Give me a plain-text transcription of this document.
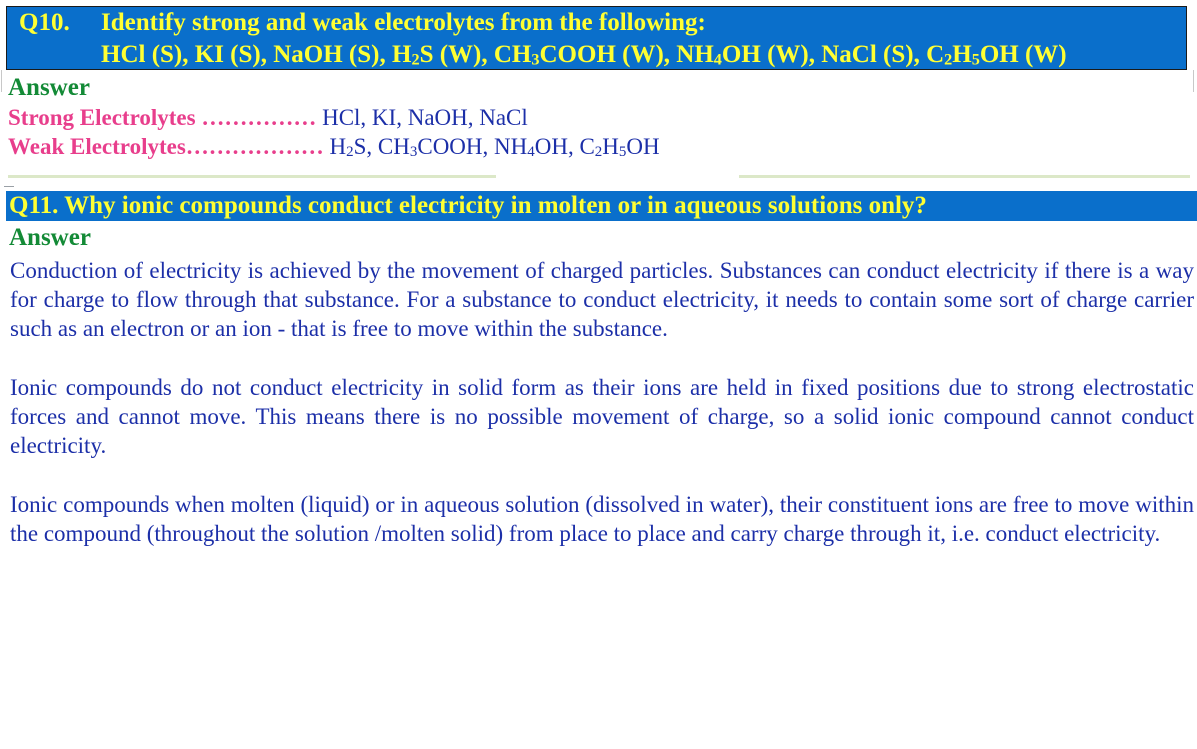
Q10. Identify strong and weak electrolytes from the following:
HCl (S), KI (S), NaOH (S), $H_2S$ (W), $CH_3COOH$ (W), $NH_4OH$ (W), NaCl (S), $C_2H_5OH$ (W)
Answer
Strong Electrolytes …………… HCl, KI, NaOH, NaCl
Weak Electrolytes……………… $H_2S$, $CH_3COOH$, $NH_4OH$, $C_2H_5OH$
Q11. Why ionic compounds conduct electricity in molten or in aqueous solutions only?
Answer

Conduction of electricity is achieved by the movement of charged particles. Substances can conduct electricity if there is a way for charge to flow through that substance. For a substance to conduct electricity, it needs to contain some sort of charge carrier such as an electron or an ion - that is free to move within the substance.

Ionic compounds do not conduct electricity in solid form as their ions are held in fixed positions due to strong electrostatic forces and cannot move. This means there is no possible movement of charge, so a solid ionic compound cannot conduct electricity.

Ionic compounds when molten (liquid) or in aqueous solution (dissolved in water), their constituent ions are free to move within the compound (throughout the solution /molten solid) from place to place and carry charge through it, i.e. conduct electricity.
